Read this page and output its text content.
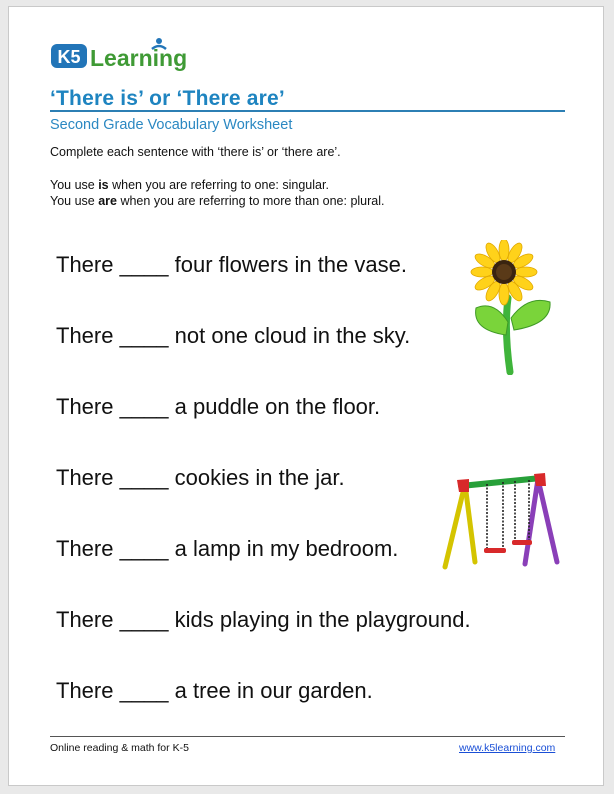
K5 Learning
‘There is’ or ‘There are’
Second Grade Vocabulary Worksheet
Complete each sentence with ‘there is’ or ‘there are’.
You use is when you are referring to one: singular.
You use are when you are referring to more than one: plural.
There ____ four flowers in the vase.
There ____ not one cloud in the sky.
There ____ a puddle on the floor.
There ____ cookies in the jar.
There ____ a lamp in my bedroom.
There ____ kids playing in the playground.
There ____ a tree in our garden.
Online reading & math for K-5	www.k5learning.com
